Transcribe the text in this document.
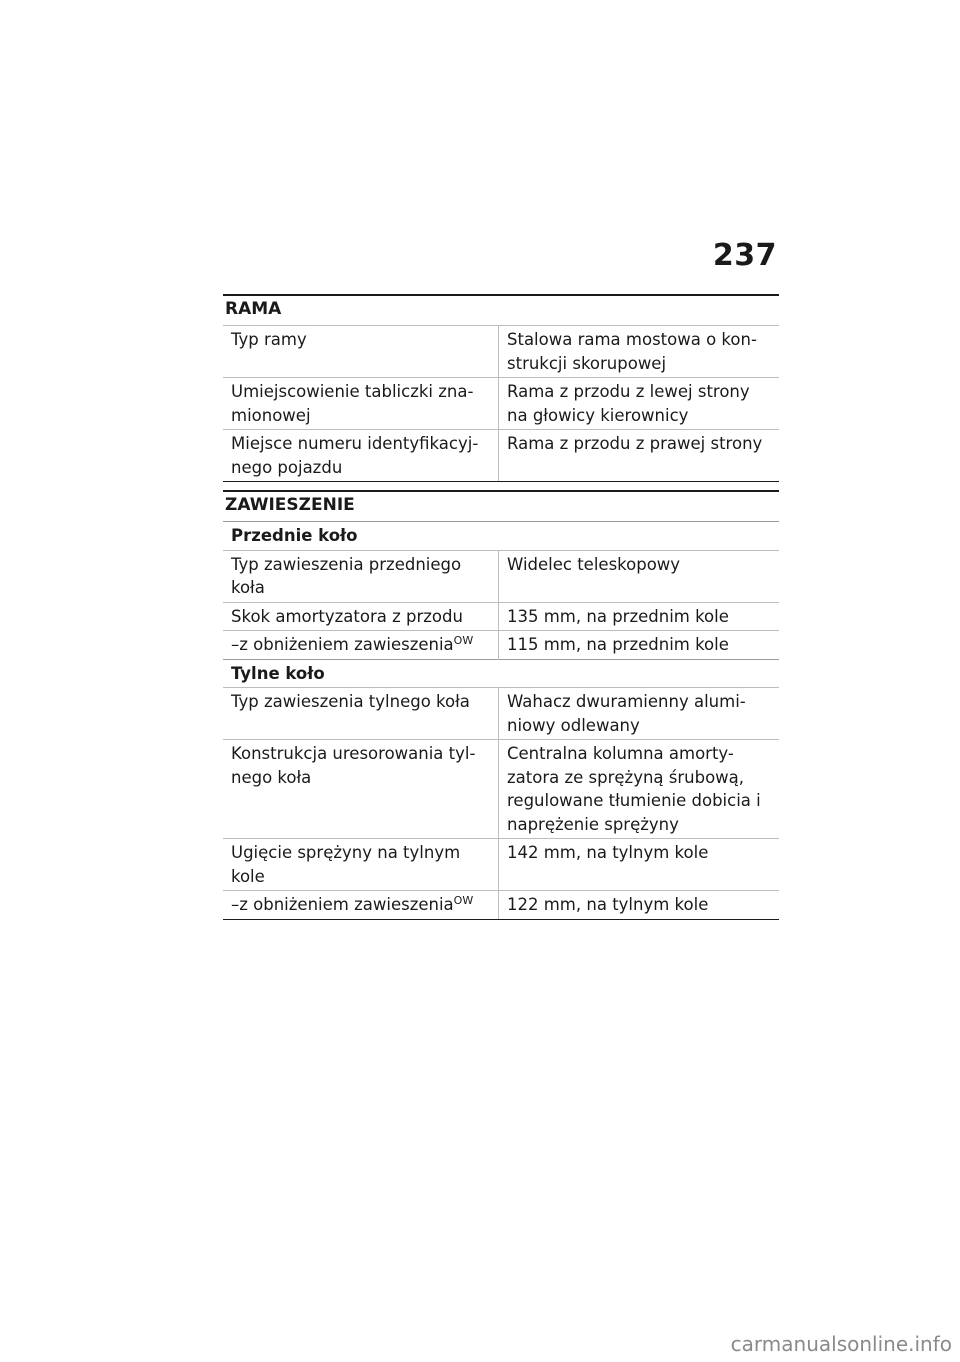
237
RAMA
Typ ramy	Stalowa rama mostowa o kon-strukcji skorupowej
Umiejscowienie tabliczki zna-mionowej	Rama z przodu z lewej strony na głowicy kierownicy
Miejsce numeru identyfikacyj-nego pojazdu	Rama z przodu z prawej strony
ZAWIESZENIE
Przednie koło	
Typ zawieszenia przedniego koła	Widelec teleskopowy
Skok amortyzatora z przodu	135 mm, na przednim kole
–z obniżeniem zawieszenia$^{OW}$	115 mm, na przednim kole
Tylne koło	
Typ zawieszenia tylnego koła	Wahacz dwuramienny alumi-niowy odlewany
Konstrukcja uresorowania tyl-nego koła	Centralna kolumna amorty-zatora ze sprężyną śrubową, regulowane tłumienie dobicia i naprężenie sprężyny
Ugięcie sprężyny na tylnym kole	142 mm, na tylnym kole
–z obniżeniem zawieszenia$^{OW}$	122 mm, na tylnym kole
carmanualsonline.info
